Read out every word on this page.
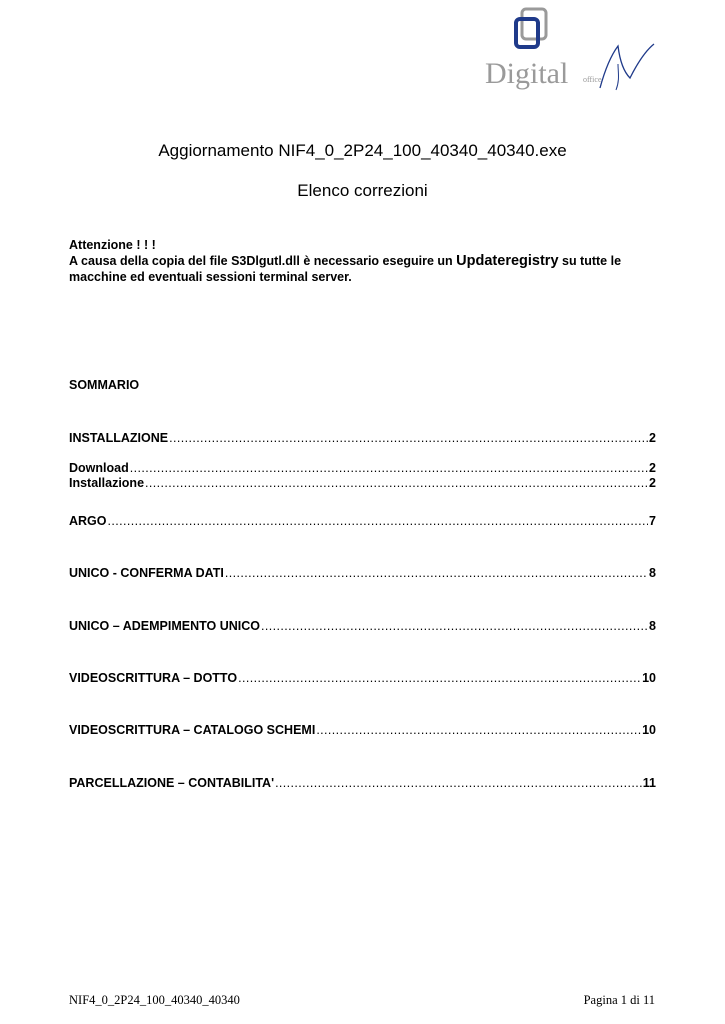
Digital office
Aggiornamento NIF4_0_2P24_100_40340_40340.exe
Elenco correzioni
Attenzione ! ! !
A causa della copia del file S3Dlgutl.dll è necessario eseguire un Updateregistry su tutte le macchine ed eventuali sessioni terminal server.
SOMMARIO
INSTALLAZIONE .....	2
Download .....	2
Installazione .....	2
ARGO .....	7
UNICO - CONFERMA DATI .....	8
UNICO – ADEMPIMENTO UNICO .....	8
VIDEOSCRITTURA – DOTTO .....	10
VIDEOSCRITTURA – CATALOGO SCHEMI .....	10
PARCELLAZIONE – CONTABILITA' .....	11
NIF4_0_2P24_100_40340_40340	Pagina 1 di 11
